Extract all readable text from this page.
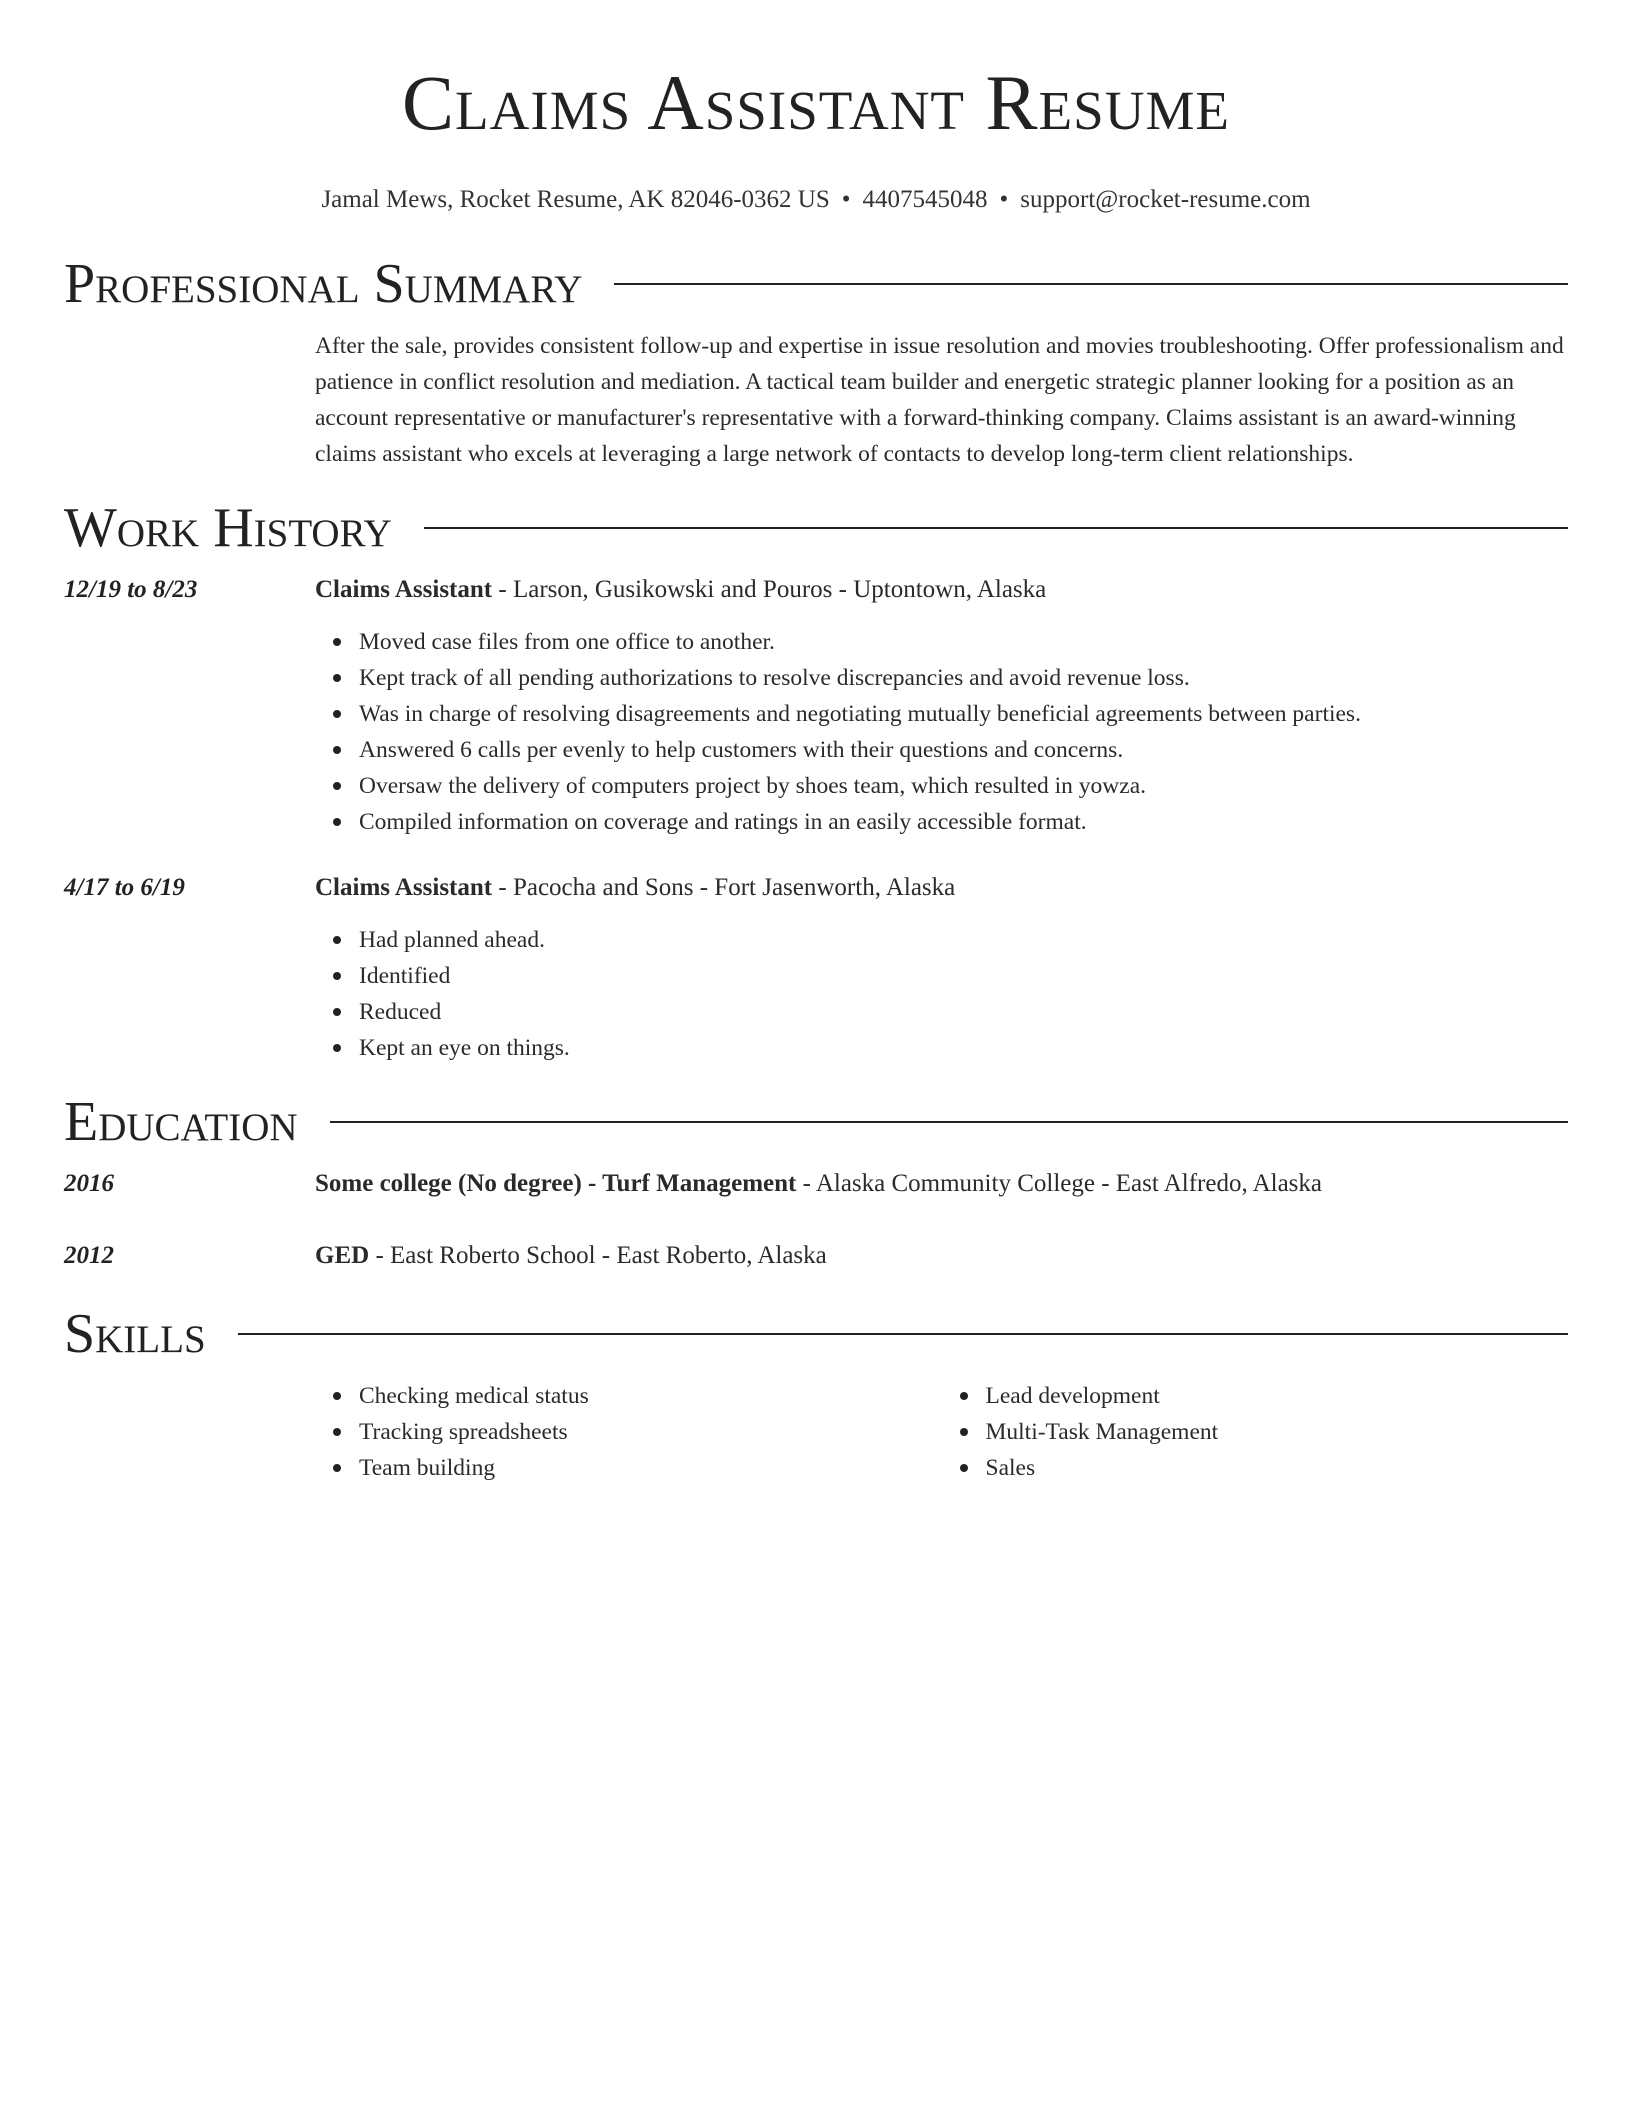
Claims Assistant Resume
Jamal Mews, Rocket Resume, AK 82046-0362 US • 4407545048 • support@rocket-resume.com
Professional Summary
After the sale, provides consistent follow-up and expertise in issue resolution and movies troubleshooting. Offer professionalism and patience in conflict resolution and mediation. A tactical team builder and energetic strategic planner looking for a position as an account representative or manufacturer's representative with a forward-thinking company. Claims assistant is an award-winning claims assistant who excels at leveraging a large network of contacts to develop long-term client relationships.
Work History
12/19 to 8/23	Claims Assistant - Larson, Gusikowski and Pouros - Uptontown, Alaska
Moved case files from one office to another.
Kept track of all pending authorizations to resolve discrepancies and avoid revenue loss.
Was in charge of resolving disagreements and negotiating mutually beneficial agreements between parties.
Answered 6 calls per evenly to help customers with their questions and concerns.
Oversaw the delivery of computers project by shoes team, which resulted in yowza.
Compiled information on coverage and ratings in an easily accessible format.
4/17 to 6/19	Claims Assistant - Pacocha and Sons - Fort Jasenworth, Alaska
Had planned ahead.
Identified
Reduced
Kept an eye on things.
Education
2016	Some college (No degree) - Turf Management - Alaska Community College - East Alfredo, Alaska
2012	GED - East Roberto School - East Roberto, Alaska
Skills
Checking medical status
Tracking spreadsheets
Team building
Lead development
Multi-Task Management
Sales
